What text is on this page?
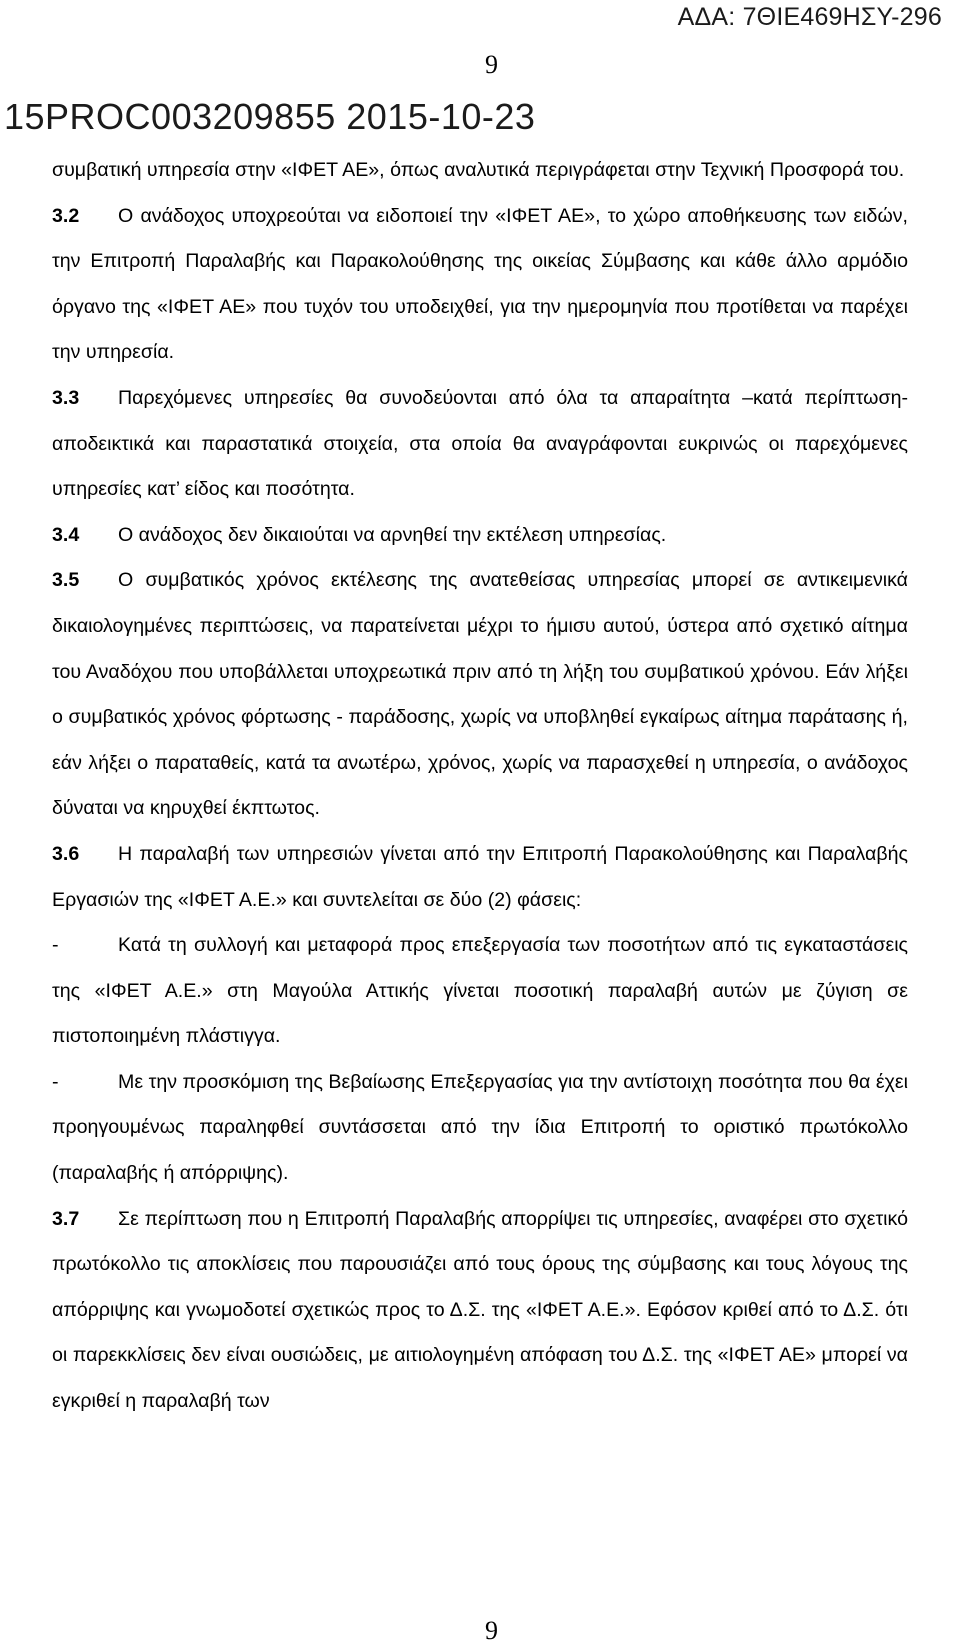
ΑΔΑ: 7ΘΙΕ469ΗΣΥ-296
9
15PROC003209855 2015-10-23

συμβατική υπηρεσία στην «ΙΦΕΤ ΑΕ», όπως αναλυτικά περιγράφεται στην Τεχνική Προσφορά του.

3.2 Ο ανάδοχος υποχρεούται να ειδοποιεί την «ΙΦΕΤ ΑΕ», το χώρο αποθήκευσης των ειδών, την Επιτροπή Παραλαβής και Παρακολούθησης της οικείας Σύμβασης και κάθε άλλο αρμόδιο όργανο της «ΙΦΕΤ ΑΕ» που τυχόν του υποδειχθεί, για την ημερομηνία που προτίθεται να παρέχει την υπηρεσία.

3.3 Παρεχόμενες υπηρεσίες θα συνοδεύονται από όλα τα απαραίτητα –κατά περίπτωση- αποδεικτικά και παραστατικά στοιχεία, στα οποία θα αναγράφονται ευκρινώς οι παρεχόμενες υπηρεσίες κατ’ είδος και ποσότητα.

3.4 Ο ανάδοχος δεν δικαιούται να αρνηθεί την εκτέλεση υπηρεσίας.

3.5 Ο συμβατικός χρόνος εκτέλεσης της ανατεθείσας υπηρεσίας μπορεί σε αντικειμενικά δικαιολογημένες περιπτώσεις, να παρατείνεται μέχρι το ήμισυ αυτού, ύστερα από σχετικό αίτημα του Αναδόχου που υποβάλλεται υποχρεωτικά πριν από τη λήξη του συμβατικού χρόνου. Εάν λήξει ο συμβατικός χρόνος φόρτωσης - παράδοσης, χωρίς να υποβληθεί εγκαίρως αίτημα παράτασης ή, εάν λήξει ο παραταθείς, κατά τα ανωτέρω, χρόνος, χωρίς να παρασχεθεί η υπηρεσία, ο ανάδοχος δύναται να κηρυχθεί έκπτωτος.

3.6 Η παραλαβή των υπηρεσιών γίνεται από την Επιτροπή Παρακολούθησης και Παραλαβής Εργασιών της «ΙΦΕΤ Α.Ε.» και συντελείται σε δύο (2) φάσεις:

-	Κατά τη συλλογή και μεταφορά προς επεξεργασία των ποσοτήτων από τις εγκαταστάσεις της «ΙΦΕΤ Α.Ε.» στη Μαγούλα Αττικής γίνεται ποσοτική παραλαβή αυτών με ζύγιση σε πιστοποιημένη πλάστιγγα.

-	Με την προσκόμιση της Βεβαίωσης Επεξεργασίας για την αντίστοιχη ποσότητα που θα έχει προηγουμένως παραληφθεί συντάσσεται από την ίδια Επιτροπή το οριστικό πρωτόκολλο (παραλαβής ή απόρριψης).

3.7 Σε περίπτωση που η Επιτροπή Παραλαβής απορρίψει τις υπηρεσίες, αναφέρει στο σχετικό πρωτόκολλο τις αποκλίσεις που παρουσιάζει από τους όρους της σύμβασης και τους λόγους της απόρριψης και γνωμοδοτεί σχετικώς προς το Δ.Σ. της «ΙΦΕΤ Α.Ε.». Εφόσον κριθεί από το Δ.Σ. ότι οι παρεκκλίσεις δεν είναι ουσιώδεις, με αιτιολογημένη απόφαση του Δ.Σ. της «ΙΦΕΤ ΑΕ» μπορεί να εγκριθεί η παραλαβή των

9
